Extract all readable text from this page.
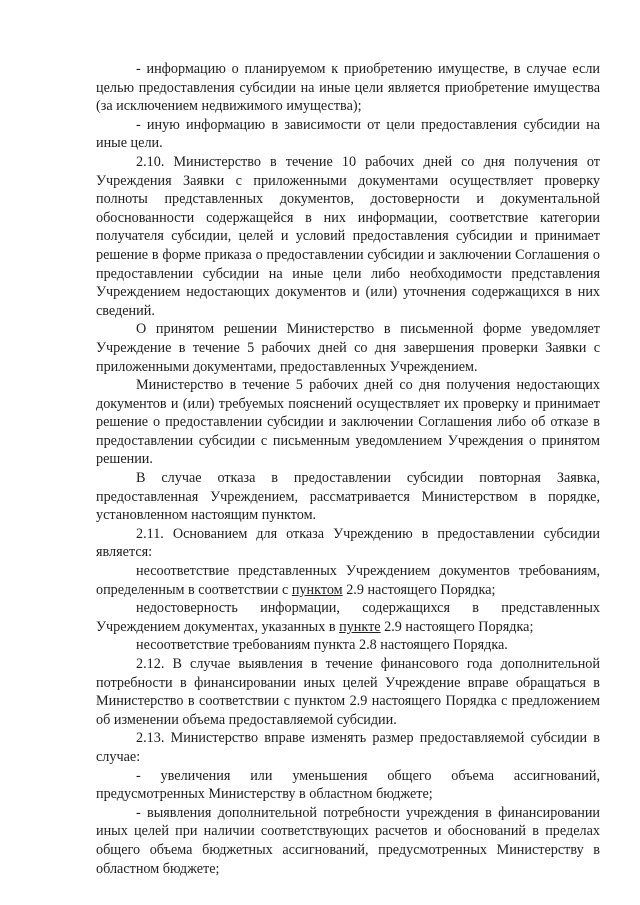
- информацию о планируемом к приобретению имуществе, в случае если целью предоставления субсидии на иные цели является приобретение имущества (за исключением недвижимого имущества);

- иную информацию в зависимости от цели предоставления субсидии на иные цели.

2.10. Министерство в течение 10 рабочих дней со дня получения от Учреждения Заявки с приложенными документами осуществляет проверку полноты представленных документов, достоверности и документальной обоснованности содержащейся в них информации, соответствие категории получателя субсидии, целей и условий предоставления субсидии и принимает решение в форме приказа о предоставлении субсидии и заключении Соглашения о предоставлении субсидии на иные цели либо необходимости представления Учреждением недостающих документов и (или) уточнения содержащихся в них сведений.

О принятом решении Министерство в письменной форме уведомляет Учреждение в течение 5 рабочих дней со дня завершения проверки Заявки с приложенными документами, предоставленных Учреждением.

Министерство в течение 5 рабочих дней со дня получения недостающих документов и (или) требуемых пояснений осуществляет их проверку и принимает решение о предоставлении субсидии и заключении Соглашения либо об отказе в предоставлении субсидии с письменным уведомлением Учреждения о принятом решении.

В случае отказа в предоставлении субсидии повторная Заявка, предоставленная Учреждением, рассматривается Министерством в порядке, установленном настоящим пунктом.

2.11. Основанием для отказа Учреждению в предоставлении субсидии является:

несоответствие представленных Учреждением документов требованиям, определенным в соответствии с пунктом 2.9 настоящего Порядка;

недостоверность информации, содержащихся в представленных Учреждением документах, указанных в пункте 2.9 настоящего Порядка;

несоответствие требованиям пункта 2.8 настоящего Порядка.

2.12. В случае выявления в течение финансового года дополнительной потребности в финансировании иных целей Учреждение вправе обращаться в Министерство в соответствии с пунктом 2.9 настоящего Порядка с предложением об изменении объема предоставляемой субсидии.

2.13. Министерство вправе изменять размер предоставляемой субсидии в случае:

- увеличения или уменьшения общего объема ассигнований, предусмотренных Министерству в областном бюджете;

- выявления дополнительной потребности учреждения в финансировании иных целей при наличии соответствующих расчетов и обоснований в пределах общего объема бюджетных ассигнований, предусмотренных Министерству в областном бюджете;
